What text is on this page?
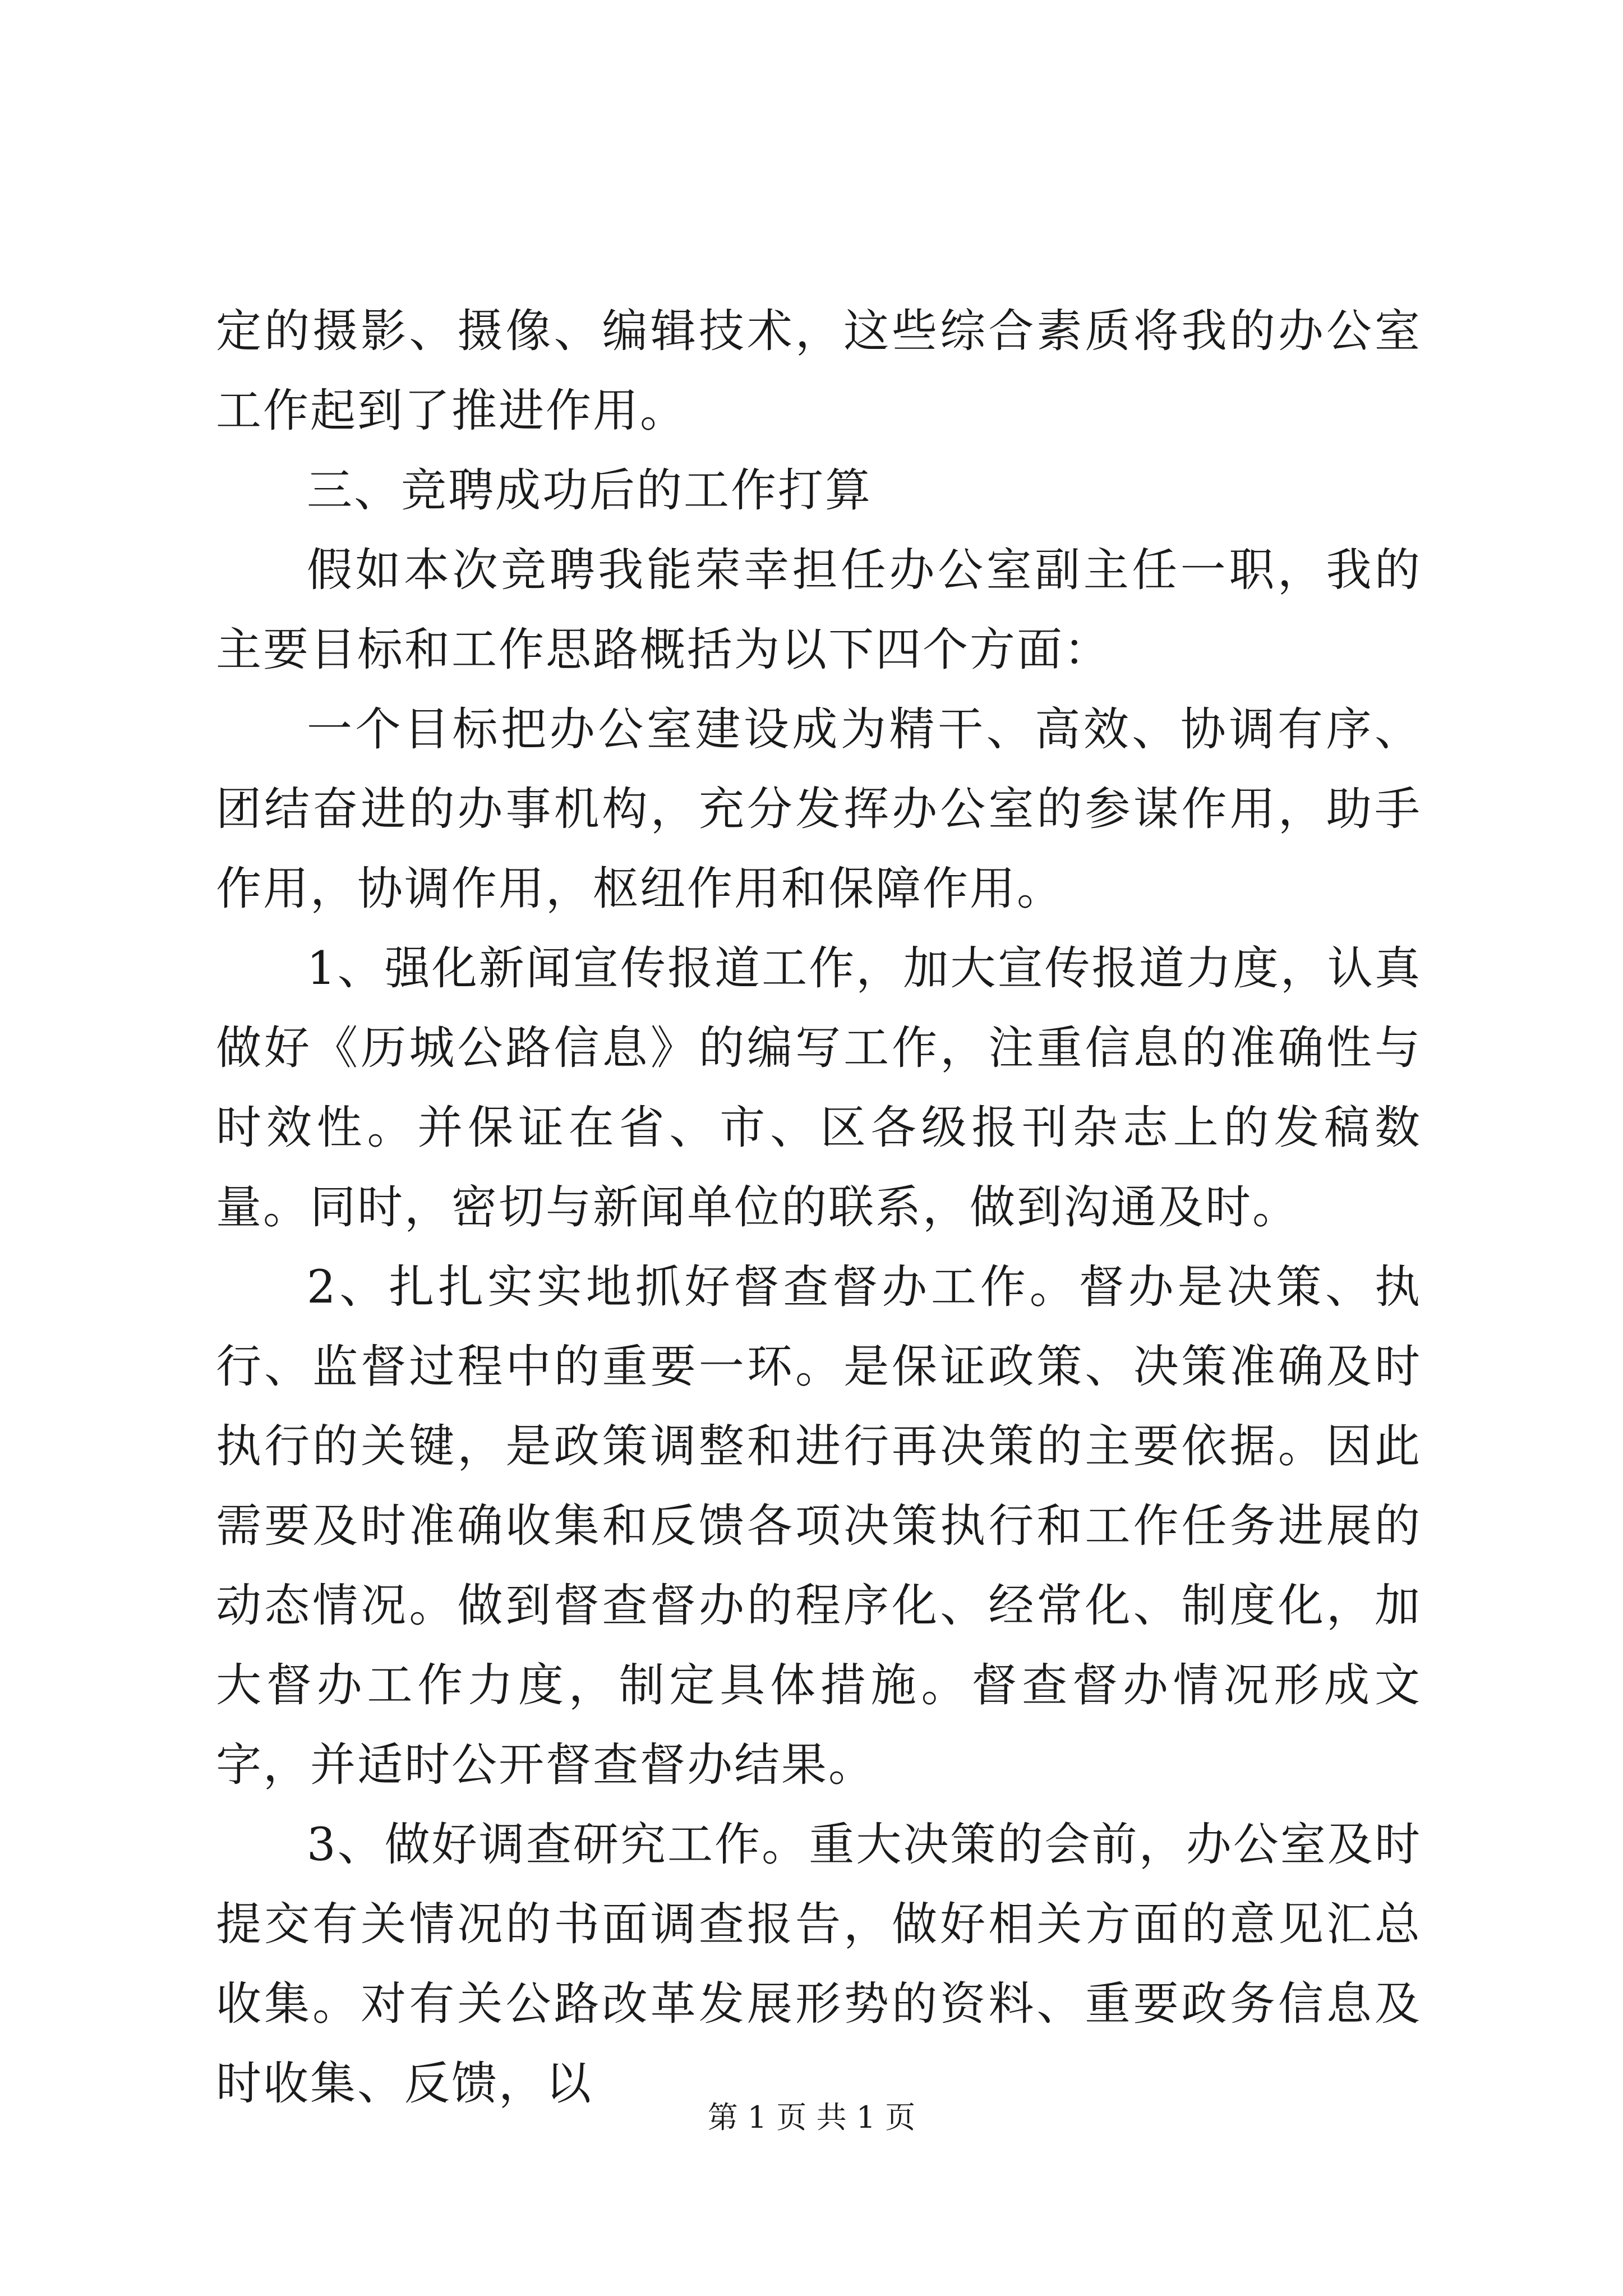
定的摄影、摄像、编辑技术，这些综合素质将我的办公室工作起到了推进作用。

三、竞聘成功后的工作打算

假如本次竞聘我能荣幸担任办公室副主任一职，我的主要目标和工作思路概括为以下四个方面：

一个目标把办公室建设成为精干、高效、协调有序、团结奋进的办事机构，充分发挥办公室的参谋作用，助手作用，协调作用，枢纽作用和保障作用。

1、强化新闻宣传报道工作，加大宣传报道力度，认真做好《历城公路信息》的编写工作，注重信息的准确性与时效性。并保证在省、市、区各级报刊杂志上的发稿数量。同时，密切与新闻单位的联系，做到沟通及时。

2、扎扎实实地抓好督查督办工作。督办是决策、执行、监督过程中的重要一环。是保证政策、决策准确及时执行的关键，是政策调整和进行再决策的主要依据。因此需要及时准确收集和反馈各项决策执行和工作任务进展的动态情况。做到督查督办的程序化、经常化、制度化，加大督办工作力度，制定具体措施。督查督办情况形成文字，并适时公开督查督办结果。

3、做好调查研究工作。重大决策的会前，办公室及时提交有关情况的书面调查报告，做好相关方面的意见汇总收集。对有关公路改革发展形势的资料、重要政务信息及时收集、反馈，以

第 1 页 共 1 页
